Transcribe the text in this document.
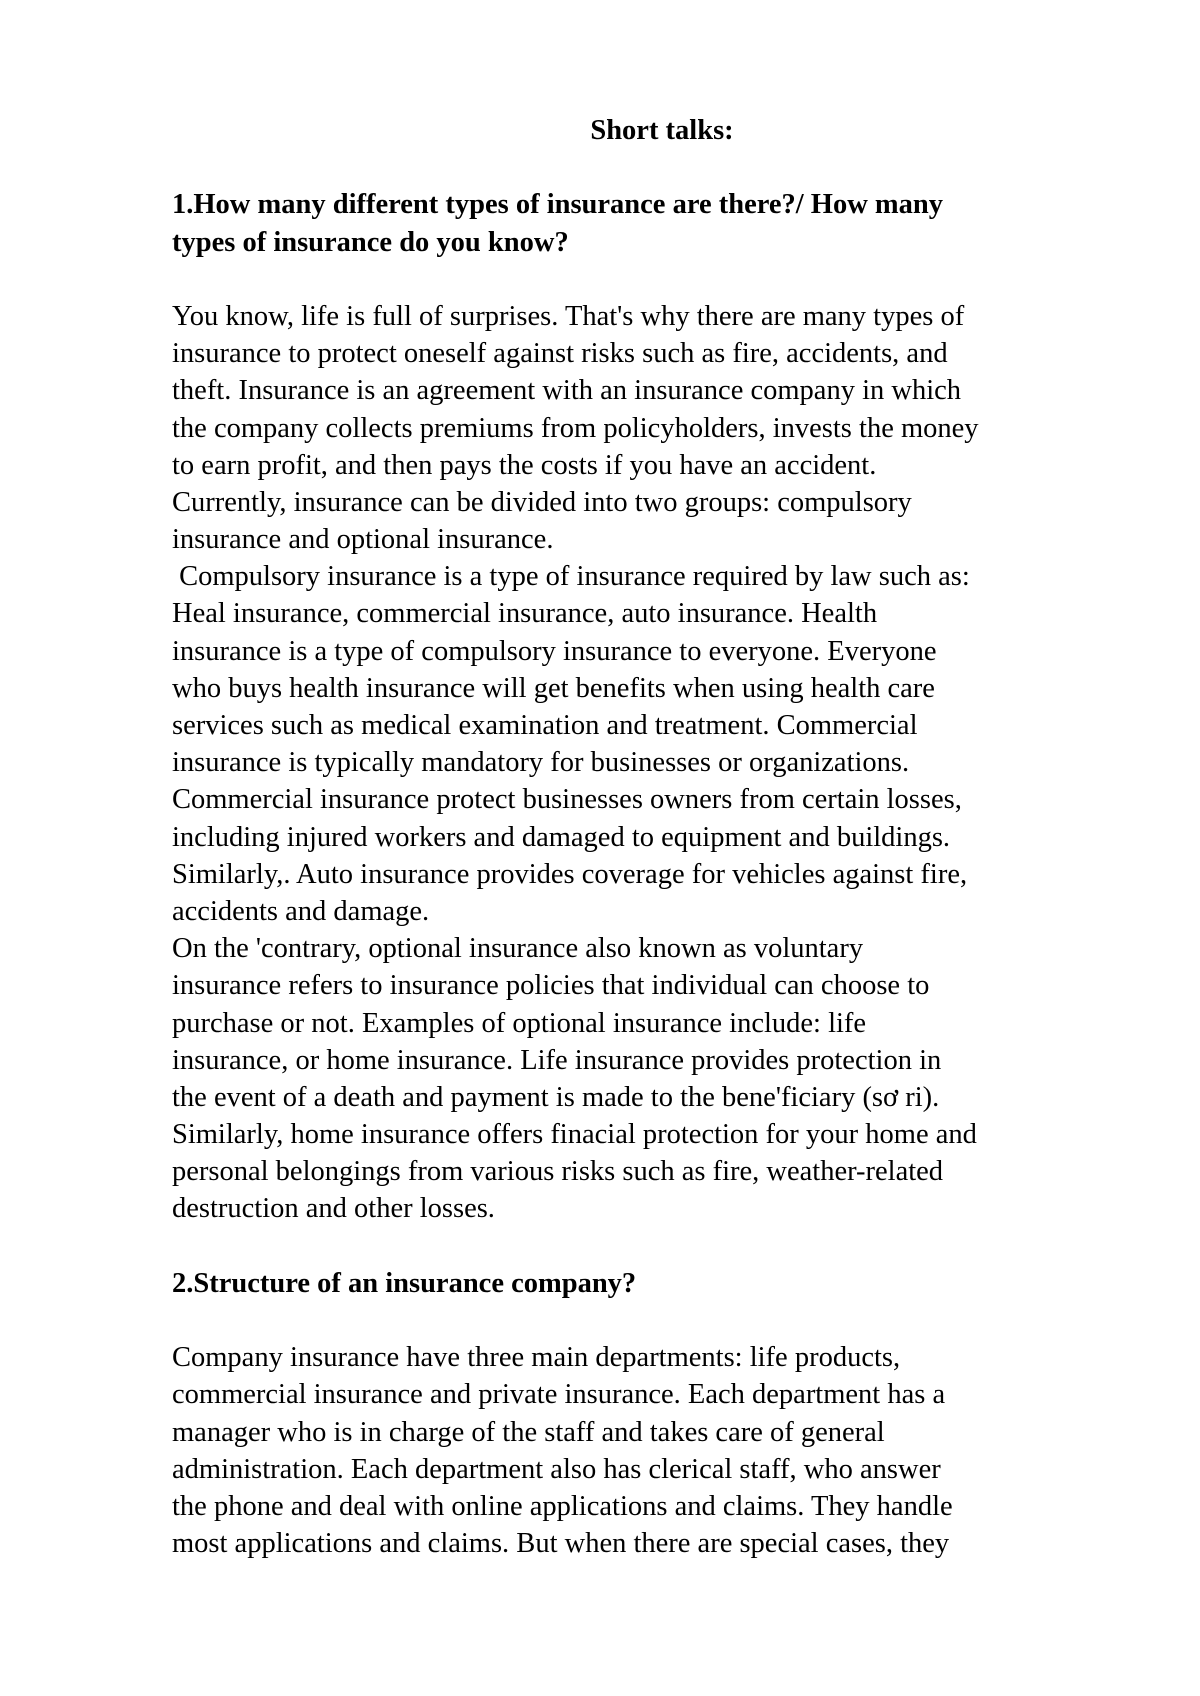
Short talks:
1.How many different types of insurance are there?/ How many
types of insurance do you know?
You know, life is full of surprises. That's why there are many types of
insurance to protect oneself against risks such as fire, accidents, and
theft. Insurance is an agreement with an insurance company in which
the company collects premiums from policyholders, invests the money
to earn profit, and then pays the costs if you have an accident.
Currently, insurance can be divided into two groups: compulsory
insurance and optional insurance.
Compulsory insurance is a type of insurance required by law such as:
Heal insurance, commercial insurance, auto insurance. Health
insurance is a type of compulsory insurance to everyone. Everyone
who buys health insurance will get benefits when using health care
services such as medical examination and treatment. Commercial
insurance is typically mandatory for businesses or organizations.
Commercial insurance protect businesses owners from certain losses,
including injured workers and damaged to equipment and buildings.
Similarly,. Auto insurance provides coverage for vehicles against fire,
accidents and damage.
On the 'contrary, optional insurance also known as voluntary
insurance refers to insurance policies that individual can choose to
purchase or not. Examples of optional insurance include: life
insurance, or home insurance. Life insurance provides protection in
the event of a death and payment is made to the bene'ficiary (sơ ri).
Similarly, home insurance offers finacial protection for your home and
personal belongings from various risks such as fire, weather-related
destruction and other losses.
2.Structure of an insurance company?
Company insurance have three main departments: life products,
commercial insurance and private insurance. Each department has a
manager who is in charge of the staff and takes care of general
administration. Each department also has clerical staff, who answer
the phone and deal with online applications and claims. They handle
most applications and claims. But when there are special cases, they
